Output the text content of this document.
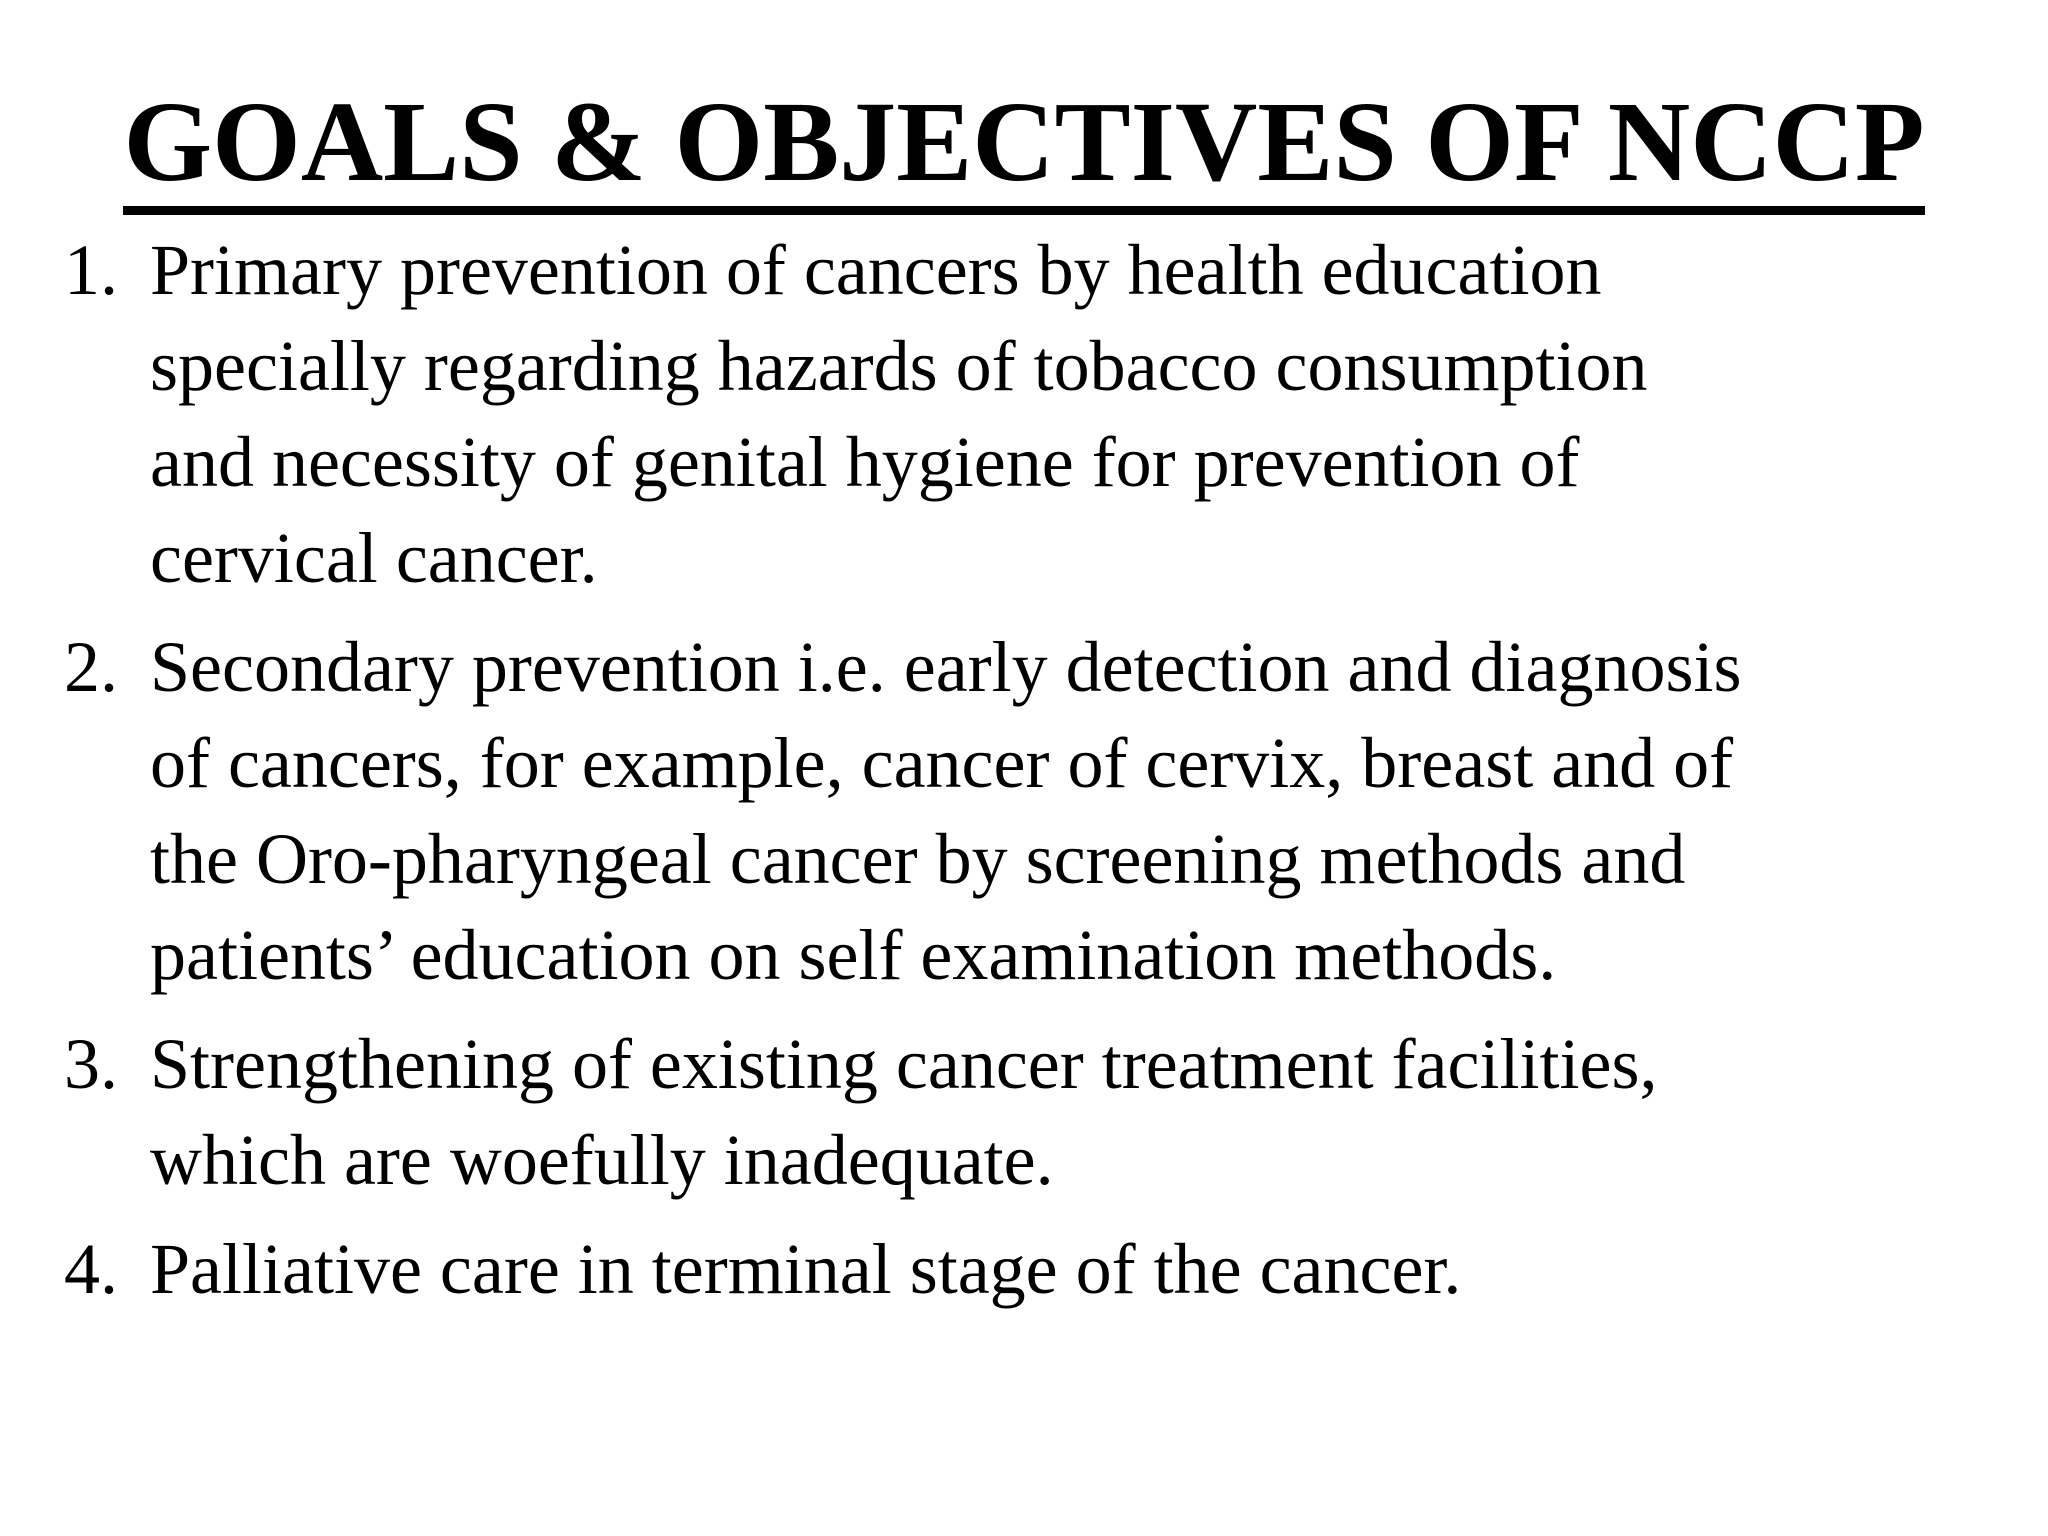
GOALS & OBJECTIVES OF NCCP
1. Primary prevention of cancers by health education
specially regarding hazards of tobacco consumption
and necessity of genital hygiene for prevention of
cervical cancer.
2. Secondary prevention i.e. early detection and diagnosis
of cancers, for example, cancer of cervix, breast and of
the Oro-pharyngeal cancer by screening methods and
patients’ education on self examination methods.
3. Strengthening of existing cancer treatment facilities,
which are woefully inadequate.
4. Palliative care in terminal stage of the cancer.
